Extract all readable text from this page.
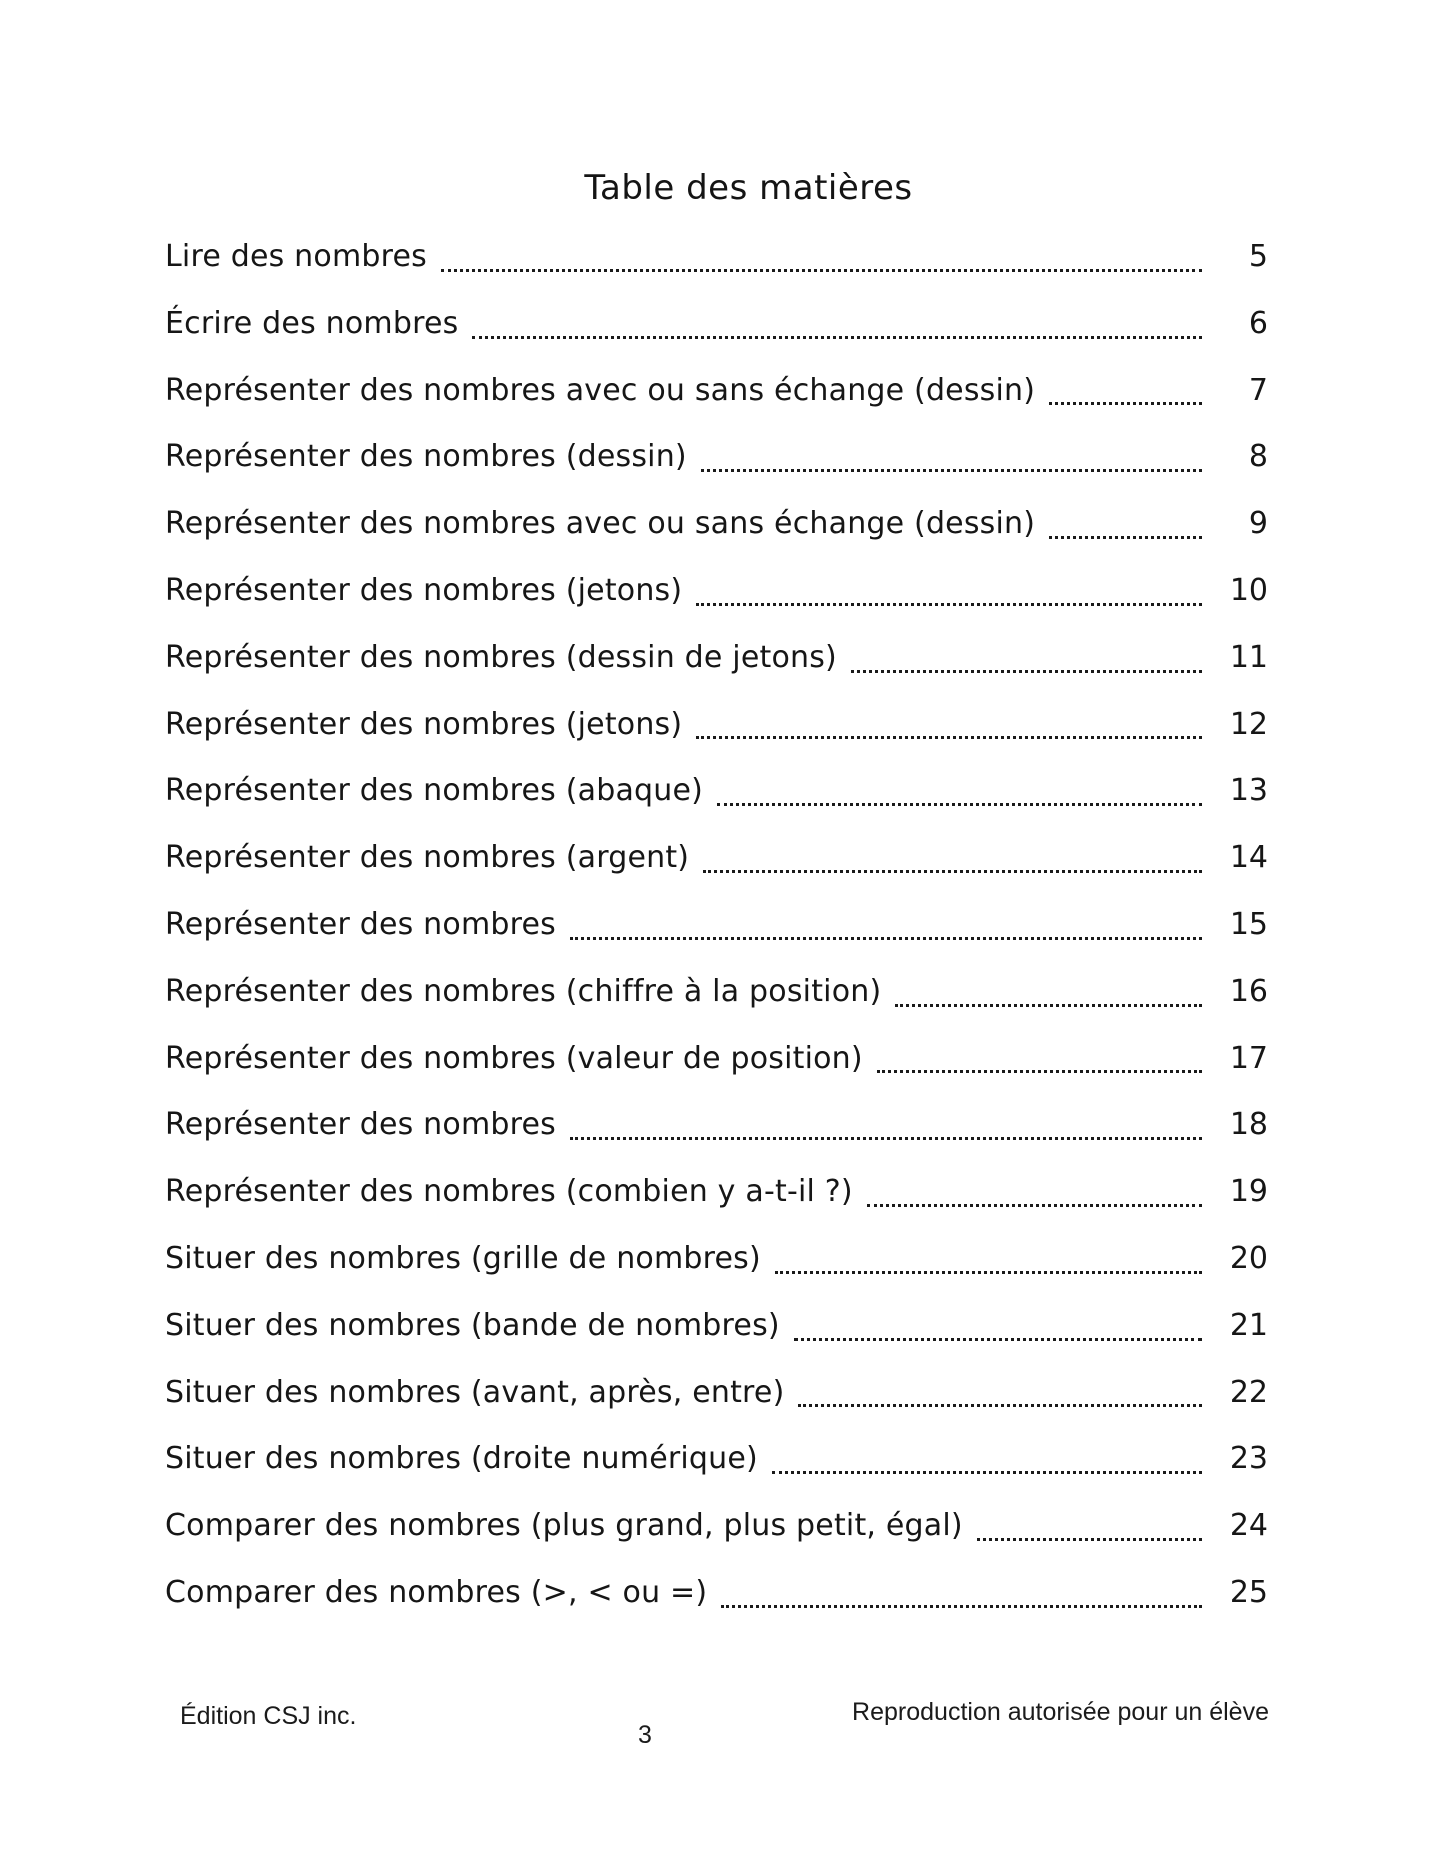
Table des matières
Lire des nombres	5
Écrire des nombres	6
Représenter des nombres avec ou sans échange (dessin)	7
Représenter des nombres (dessin)	8
Représenter des nombres avec ou sans échange (dessin)	9
Représenter des nombres (jetons)	10
Représenter des nombres (dessin de jetons)	11
Représenter des nombres (jetons)	12
Représenter des nombres (abaque)	13
Représenter des nombres (argent)	14
Représenter des nombres	15
Représenter des nombres (chiffre à la position)	16
Représenter des nombres (valeur de position)	17
Représenter des nombres	18
Représenter des nombres (combien y a-t-il ?)	19
Situer des nombres (grille de nombres)	20
Situer des nombres (bande de nombres)	21
Situer des nombres (avant, après, entre)	22
Situer des nombres (droite numérique)	23
Comparer des nombres (plus grand, plus petit, égal)	24
Comparer des nombres (>, < ou =)	25
Édition CSJ inc.
3
Reproduction autorisée pour un élève
